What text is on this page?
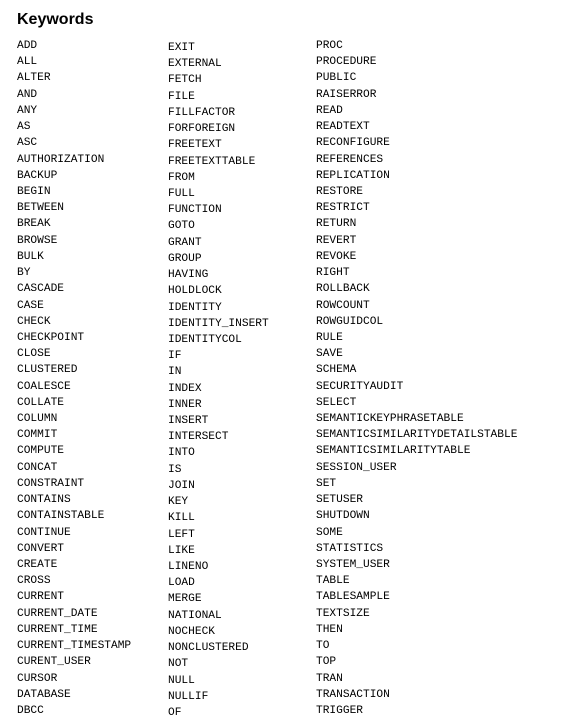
Keywords
ADD
ALL
ALTER
AND
ANY
AS
ASC
AUTHORIZATION
BACKUP
BEGIN
BETWEEN
BREAK
BROWSE
BULK
BY
CASCADE
CASE
CHECK
CHECKPOINT
CLOSE
CLUSTERED
COALESCE
COLLATE
COLUMN
COMMIT
COMPUTE
CONCAT
CONSTRAINT
CONTAINS
CONTAINSTABLE
CONTINUE
CONVERT
CREATE
CROSS
CURRENT
CURRENT_DATE
CURRENT_TIME
CURRENT_TIMESTAMP
CURENT_USER
CURSOR
DATABASE
DBCC
EXIT
EXTERNAL
FETCH
FILE
FILLFACTOR
FORFOREIGN
FREETEXT
FREETEXTTABLE
FROM
FULL
FUNCTION
GOTO
GRANT
GROUP
HAVING
HOLDLOCK
IDENTITY
IDENTITY_INSERT
IDENTITYCOL
IF
IN
INDEX
INNER
INSERT
INTERSECT
INTO
IS
JOIN
KEY
KILL
LEFT
LIKE
LINENO
LOAD
MERGE
NATIONAL
NOCHECK
NONCLUSTERED
NOT
NULL
NULLIF
OF
PROC
PROCEDURE
PUBLIC
RAISERROR
READ
READTEXT
RECONFIGURE
REFERENCES
REPLICATION
RESTORE
RESTRICT
RETURN
REVERT
REVOKE
RIGHT
ROLLBACK
ROWCOUNT
ROWGUIDCOL
RULE
SAVE
SCHEMA
SECURITYAUDIT
SELECT
SEMANTICKEYPHRASETABLE
SEMANTICSIMILARITYDETAILSTABLE
SEMANTICSIMILARITYTABLE
SESSION_USER
SET
SETUSER
SHUTDOWN
SOME
STATISTICS
SYSTEM_USER
TABLE
TABLESAMPLE
TEXTSIZE
THEN
TO
TOP
TRAN
TRANSACTION
TRIGGER
